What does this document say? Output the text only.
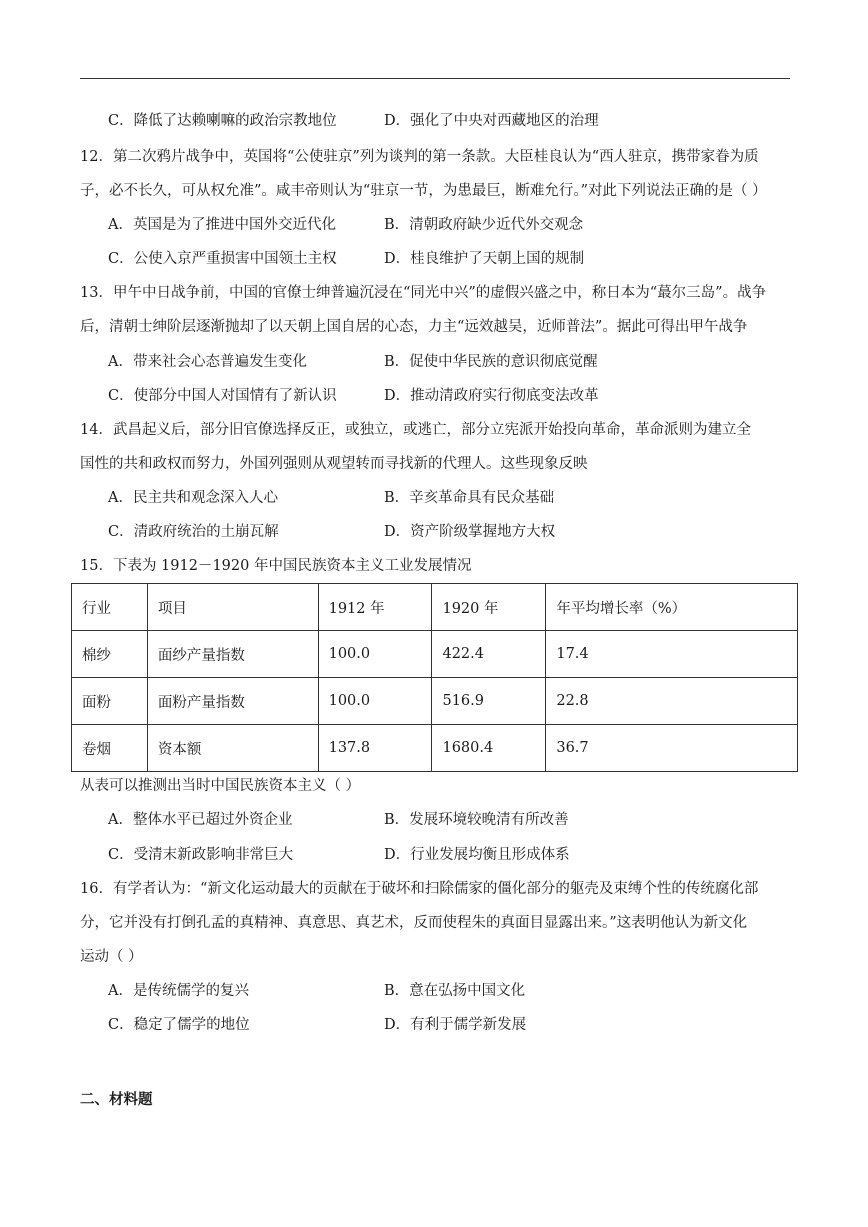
C．降低了达赖喇嘛的政治宗教地位	D．强化了中央对西藏地区的治理
12．第二次鸦片战争中，英国将“公使驻京”列为谈判的第一条款。大臣桂良认为“西人驻京，携带家眷为质
子，必不长久，可从权允准”。咸丰帝则认为“驻京一节，为患最巨，断难允行。”对此下列说法正确的是（ ）
A．英国是为了推进中国外交近代化	B．清朝政府缺少近代外交观念
C．公使入京严重损害中国领土主权	D．桂良维护了天朝上国的规制
13．甲午中日战争前，中国的官僚士绅普遍沉浸在“同光中兴”的虚假兴盛之中，称日本为“蕞尔三岛”。战争
后，清朝士绅阶层逐渐抛却了以天朝上国自居的心态，力主“远效越吴，近师普法”。据此可得出甲午战争
A．带来社会心态普遍发生变化	B．促使中华民族的意识彻底觉醒
C．使部分中国人对国情有了新认识	D．推动清政府实行彻底变法改革
14．武昌起义后，部分旧官僚选择反正，或独立，或逃亡，部分立宪派开始投向革命，革命派则为建立全
国性的共和政权而努力，外国列强则从观望转而寻找新的代理人。这些现象反映
A．民主共和观念深入人心	B．辛亥革命具有民众基础
C．清政府统治的土崩瓦解	D．资产阶级掌握地方大权
15．下表为 1912－1920 年中国民族资本主义工业发展情况
行业	项目	1912 年	1920 年	年平均增长率（%）
棉纱	面纱产量指数	100.0	422.4	17.4
面粉	面粉产量指数	100.0	516.9	22.8
卷烟	资本额	137.8	1680.4	36.7
从表可以推测出当时中国民族资本主义（ ）
A．整体水平已超过外资企业	B．发展环境较晚清有所改善
C．受清末新政影响非常巨大	D．行业发展均衡且形成体系
16．有学者认为：“新文化运动最大的贡献在于破坏和扫除儒家的僵化部分的躯壳及束缚个性的传统腐化部
分，它并没有打倒孔孟的真精神、真意思、真艺术，反而使程朱的真面目显露出来。”这表明他认为新文化
运动（ ）
A．是传统儒学的复兴	B．意在弘扬中国文化
C．稳定了儒学的地位	D．有利于儒学新发展
二、材料题
